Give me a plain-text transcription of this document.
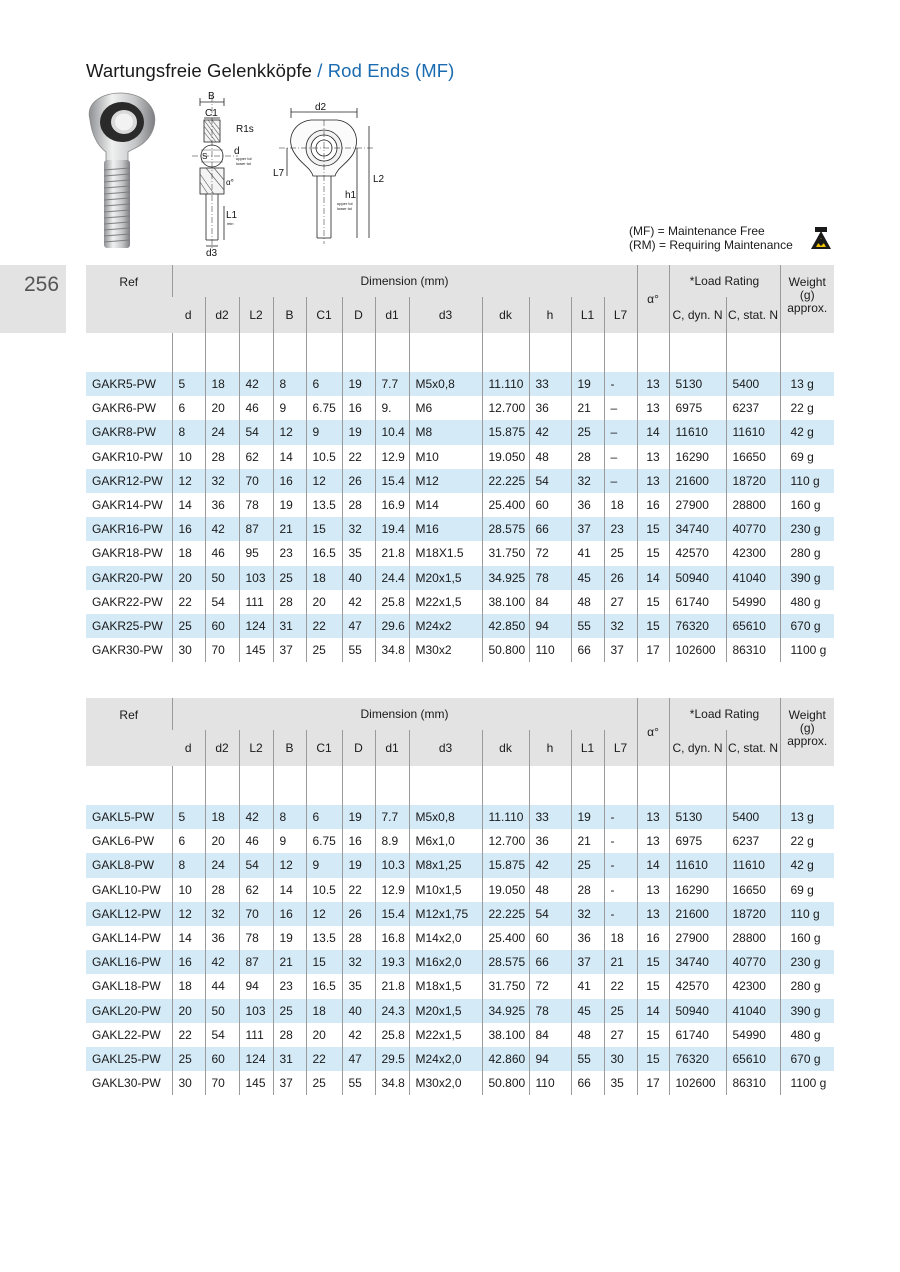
Wartungsfreie Gelenkköpfe / Rod Ends (MF)
256
B
C1
R1s
d
upper tol
lower tol
S
α°
L1
min
d3
d2
L7
L2
h1
upper tol
lower tol
(MF) = Maintenance Free
(RM) = Requiring Maintenance
Ref	Dimension (mm)												α°	*Load Rating		Weight
(g)
approx.

	d	d2	L2	B	C1	D	d1	d3	dk	h	L1	L7		C, dyn. N	C, stat. N	

GAKR5-PW	5	18	42	8	6	19	7.7	M5x0,8	11.110	33	19	-	13	5130	5400	13 g
GAKR6-PW	6	20	46	9	6.75	16	9.	M6	12.700	36	21	–	13	6975	6237	22 g
GAKR8-PW	8	24	54	12	9	19	10.4	M8	15.875	42	25	–	14	11610	11610	42 g
GAKR10-PW	10	28	62	14	10.5	22	12.9	M10	19.050	48	28	–	13	16290	16650	69 g
GAKR12-PW	12	32	70	16	12	26	15.4	M12	22.225	54	32	–	13	21600	18720	110 g
GAKR14-PW	14	36	78	19	13.5	28	16.9	M14	25.400	60	36	18	16	27900	28800	160 g
GAKR16-PW	16	42	87	21	15	32	19.4	M16	28.575	66	37	23	15	34740	40770	230 g
GAKR18-PW	18	46	95	23	16.5	35	21.8	M18X1.5	31.750	72	41	25	15	42570	42300	280 g
GAKR20-PW	20	50	103	25	18	40	24.4	M20x1,5	34.925	78	45	26	14	50940	41040	390 g
GAKR22-PW	22	54	111	28	20	42	25.8	M22x1,5	38.100	84	48	27	15	61740	54990	480 g
GAKR25-PW	25	60	124	31	22	47	29.6	M24x2	42.850	94	55	32	15	76320	65610	670 g
GAKR30-PW	30	70	145	37	25	55	34.8	M30x2	50.800	110	66	37	17	102600	86310	1100 g
Ref	Dimension (mm)												α°	*Load Rating		Weight
(g)
approx.

	d	d2	L2	B	C1	D	d1	d3	dk	h	L1	L7		C, dyn. N	C, stat. N	

GAKL5-PW	5	18	42	8	6	19	7.7	M5x0,8	11.110	33	19	-	13	5130	5400	13 g
GAKL6-PW	6	20	46	9	6.75	16	8.9	M6x1,0	12.700	36	21	-	13	6975	6237	22 g
GAKL8-PW	8	24	54	12	9	19	10.3	M8x1,25	15.875	42	25	-	14	11610	11610	42 g
GAKL10-PW	10	28	62	14	10.5	22	12.9	M10x1,5	19.050	48	28	-	13	16290	16650	69 g
GAKL12-PW	12	32	70	16	12	26	15.4	M12x1,75	22.225	54	32	-	13	21600	18720	110 g
GAKL14-PW	14	36	78	19	13.5	28	16.8	M14x2,0	25.400	60	36	18	16	27900	28800	160 g
GAKL16-PW	16	42	87	21	15	32	19.3	M16x2,0	28.575	66	37	21	15	34740	40770	230 g
GAKL18-PW	18	44	94	23	16.5	35	21.8	M18x1,5	31.750	72	41	22	15	42570	42300	280 g
GAKL20-PW	20	50	103	25	18	40	24.3	M20x1,5	34.925	78	45	25	14	50940	41040	390 g
GAKL22-PW	22	54	111	28	20	42	25.8	M22x1,5	38.100	84	48	27	15	61740	54990	480 g
GAKL25-PW	25	60	124	31	22	47	29.5	M24x2,0	42.860	94	55	30	15	76320	65610	670 g
GAKL30-PW	30	70	145	37	25	55	34.8	M30x2,0	50.800	110	66	35	17	102600	86310	1100 g
